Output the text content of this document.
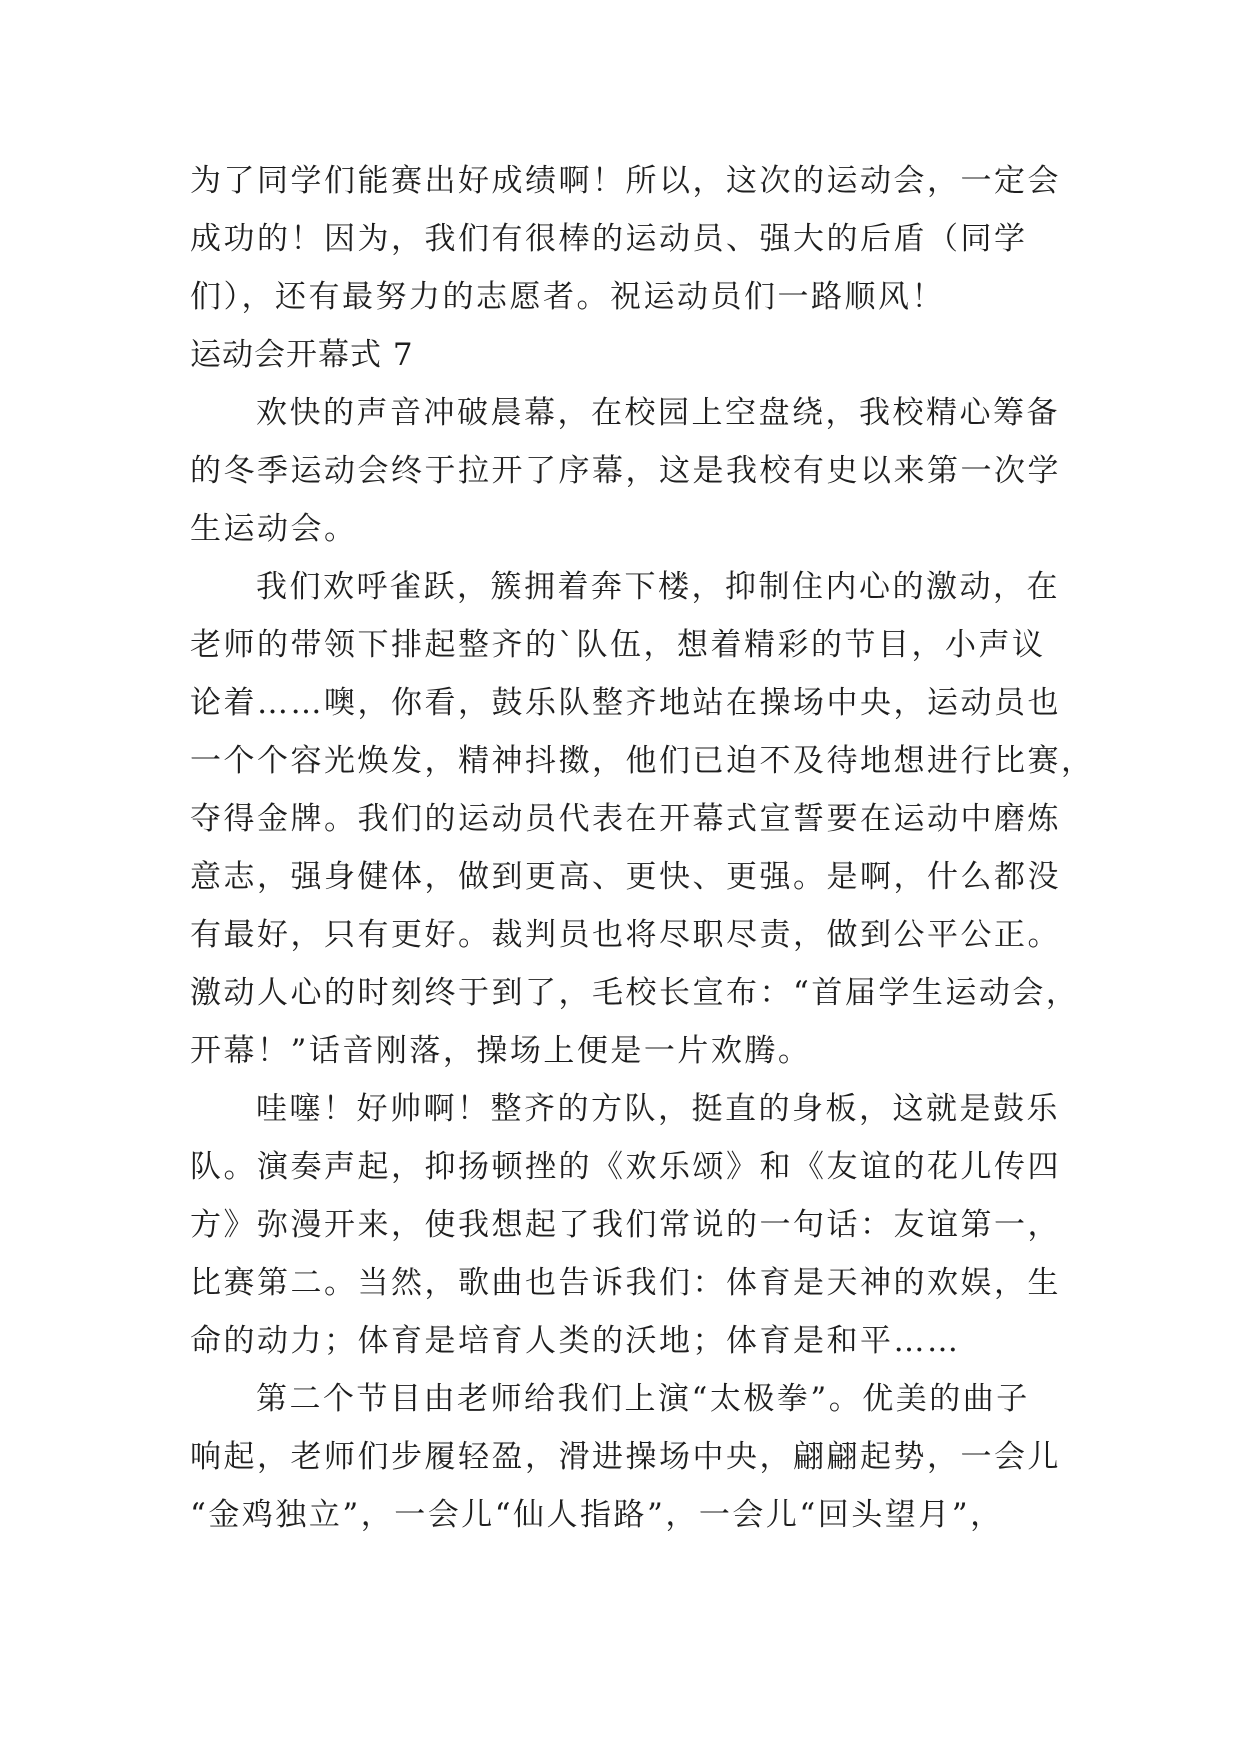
为了同学们能赛出好成绩啊！所以，这次的运动会，一定会
成功的！因为，我们有很棒的运动员、强大的后盾（同学
们），还有最努力的志愿者。祝运动员们一路顺风！
运动会开幕式 7
欢快的声音冲破晨幕，在校园上空盘绕，我校精心筹备
的冬季运动会终于拉开了序幕，这是我校有史以来第一次学
生运动会。
我们欢呼雀跃，簇拥着奔下楼，抑制住内心的激动，在
老师的带领下排起整齐的`队伍，想着精彩的节目，小声议
论着……噢，你看，鼓乐队整齐地站在操场中央，运动员也
一个个容光焕发，精神抖擞，他们已迫不及待地想进行比赛，
夺得金牌。我们的运动员代表在开幕式宣誓要在运动中磨炼
意志，强身健体，做到更高、更快、更强。是啊，什么都没
有最好，只有更好。裁判员也将尽职尽责，做到公平公正。
激动人心的时刻终于到了，毛校长宣布：“首届学生运动会，
开幕！”话音刚落，操场上便是一片欢腾。
哇噻！好帅啊！整齐的方队，挺直的身板，这就是鼓乐
队。演奏声起，抑扬顿挫的《欢乐颂》和《友谊的花儿传四
方》弥漫开来，使我想起了我们常说的一句话：友谊第一，
比赛第二。当然，歌曲也告诉我们：体育是天神的欢娱，生
命的动力；体育是培育人类的沃地；体育是和平……
第二个节目由老师给我们上演“太极拳”。优美的曲子
响起，老师们步履轻盈，滑进操场中央，翩翩起势，一会儿
“金鸡独立”，一会儿“仙人指路”，一会儿“回头望月”，
